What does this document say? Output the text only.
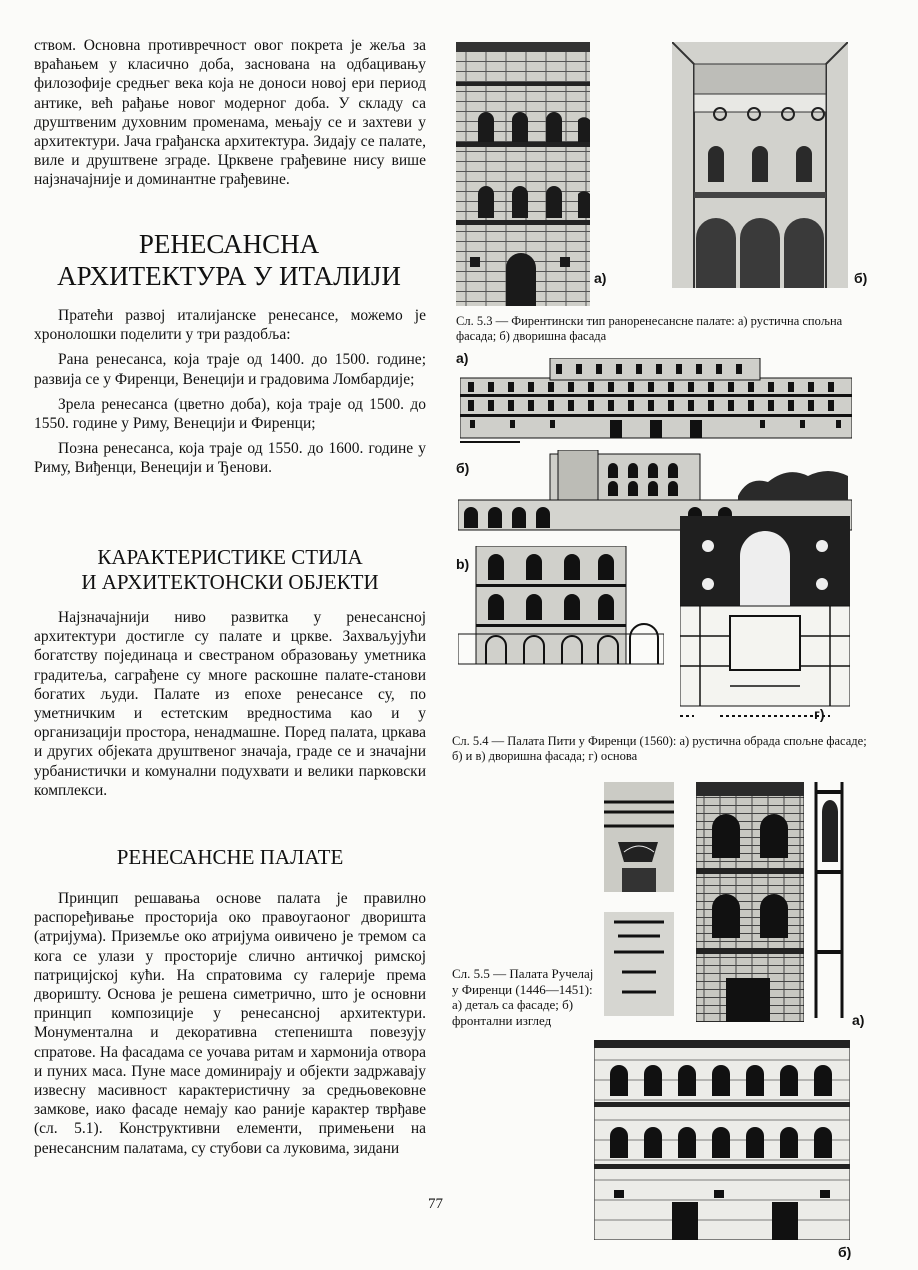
ством. Основна противречност овог покрета је жеља за враћањем у класично доба, заснована на одбацивању филозофије средњег века која не доноси новој ери период антике, већ рађање новог модерног доба. У складу са друштвеним духовним променама, мењају се и захтеви у архитектури. Јача грађанска архитектура. Зидају се палате, виле и друштвене зграде. Црквене грађевине нису више најзначајније и доминантне грађевине.

РЕНЕСАНСНА
АРХИТЕКТУРА У ИТАЛИЈИ

Пратећи развој италијанске ренесансе, можемо је хронолошки поделити у три раздобља:

Рана ренесанса, која траје од 1400. до 1500. године; развија се у Фиренци, Венецији и градовима Ломбардије;

Зрела ренесанса (цветно доба), која траје од 1500. до 1550. године у Риму, Венецији и Фиренци;

Позна ренесанса, која траје од 1550. до 1600. године у Риму, Виђенци, Венецији и Ђенови.

КАРАКТЕРИСТИКЕ СТИЛА
И АРХИТЕКТОНСКИ ОБЈЕКТИ

Најзначајнији ниво развитка у ренесансној архитектури достигле су палате и цркве. Захваљујући богатству појединаца и свестраном образовању уметника градитеља, саграђене су многе раскошне палате-станови богатих људи. Палате из епохе ренесансе су, по уметничким и естетским вредностима као и у организацији простора, ненадмашне. Поред палата, цркава и других објеката друштвеног значаја, граде се и значајни урбанистички и комунални подухвати и велики парковски комплекси.

РЕНЕСАНСНЕ ПАЛАТЕ

Принцип решавања основе палата је правилно распоређивање просторија око правоугаоног дворишта (атријума). Приземље око атријума оивичено је тремом са кога се улази у просторије слично античкој римској патрицијској кући. На спратовима су галерије према дворишту. Основа је решена симетрично, што је основни принцип композиције у ренесансној архитектури. Монументална и декоративна степеништа повезују спратове. На фасадама се уочава ритам и хармонија отвора и пуних маса. Пуне масе доминирају и објекти задржавају извесну масивност карактеристичну за средњовековне замкове, иако фасаде немају као раније карактер тврђаве (сл. 5.1). Конструктивни елементи, примењени на ренесансним палатама, су стубови са луковима, зидани

77
а)	б)
Сл. 5.3 — Фирентински тип ранoренесансне палате: а) рустична спољна фасада; б) дворишна фасада
а)
б)
b)
г)
Сл. 5.4 — Палата Пити у Фиренци (1560): а) рустична обрада спољне фасаде; б) и в) дворишна фасада; г) основа
а)
Сл. 5.5 — Палата Ручелај у Фиренци (1446—1451): а) детаљ са фасаде; б) фронтални изглед
б)
